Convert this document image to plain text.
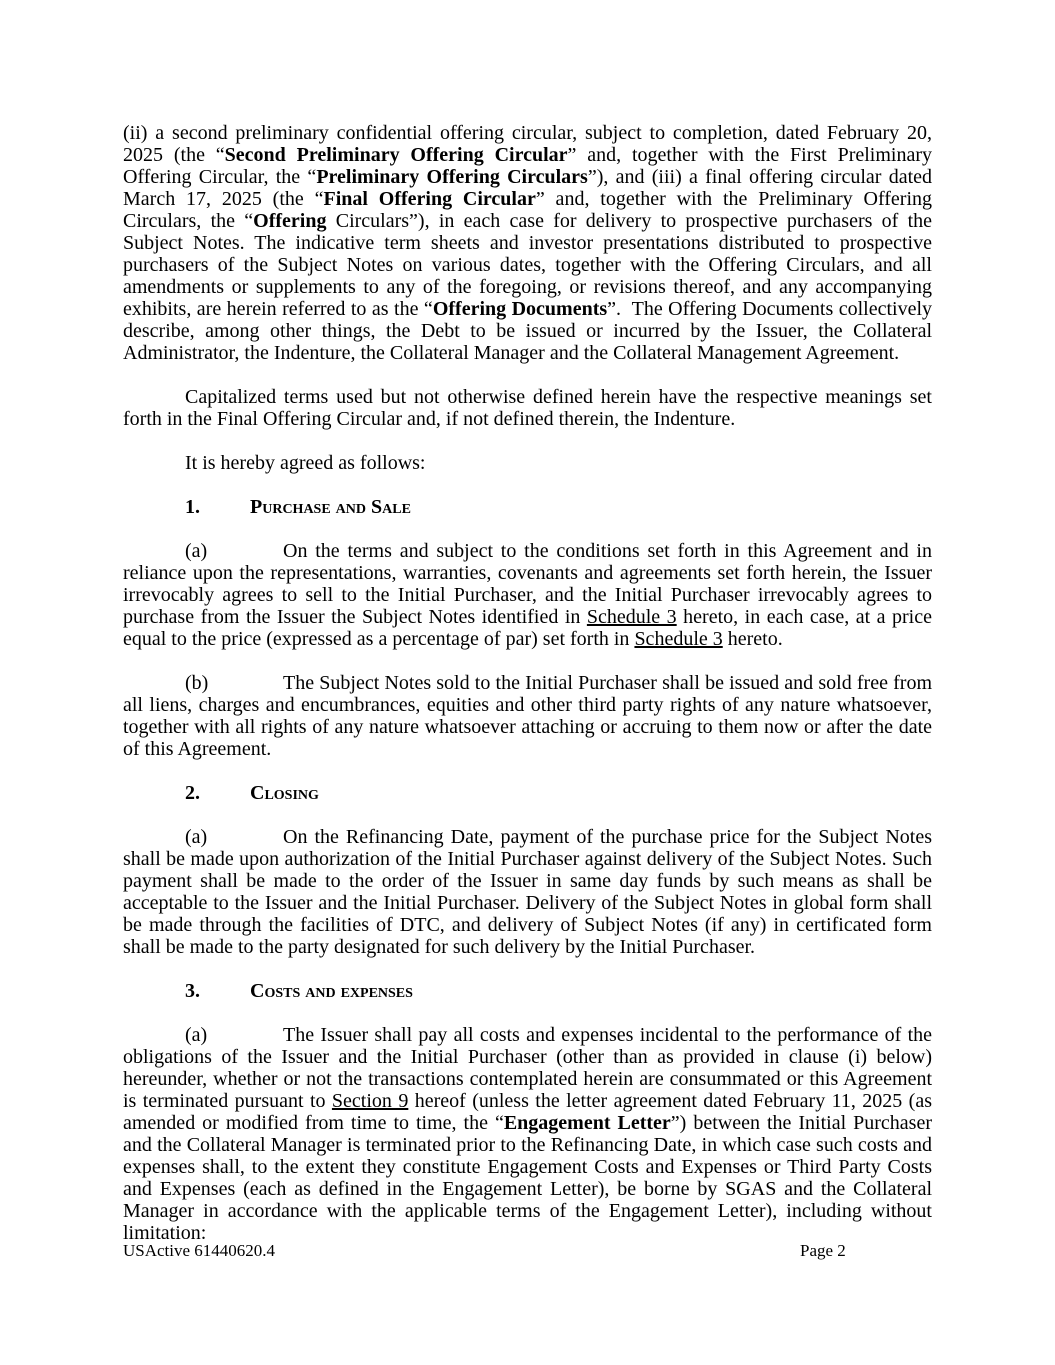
(ii) a second preliminary confidential offering circular, subject to completion, dated February 20, 2025 (the “Second Preliminary Offering Circular” and, together with the First Preliminary Offering Circular, the “Preliminary Offering Circulars”), and (iii) a final offering circular dated March 17, 2025 (the “Final Offering Circular” and, together with the Preliminary Offering Circulars, the “Offering Circulars”), in each case for delivery to prospective purchasers of the Subject Notes. The indicative term sheets and investor presentations distributed to prospective purchasers of the Subject Notes on various dates, together with the Offering Circulars, and all amendments or supplements to any of the foregoing, or revisions thereof, and any accompanying exhibits, are herein referred to as the “Offering Documents”.  The Offering Documents collectively describe, among other things, the Debt to be issued or incurred by the Issuer, the Collateral Administrator, the Indenture, the Collateral Manager and the Collateral Management Agreement.

Capitalized terms used but not otherwise defined herein have the respective meanings set forth in the Final Offering Circular and, if not defined therein, the Indenture.

It is hereby agreed as follows:

1.	Purchase and Sale

(a)	On the terms and subject to the conditions set forth in this Agreement and in reliance upon the representations, warranties, covenants and agreements set forth herein, the Issuer irrevocably agrees to sell to the Initial Purchaser, and the Initial Purchaser irrevocably agrees to purchase from the Issuer the Subject Notes identified in Schedule 3 hereto, in each case, at a price equal to the price (expressed as a percentage of par) set forth in Schedule 3 hereto.

(b)	The Subject Notes sold to the Initial Purchaser shall be issued and sold free from all liens, charges and encumbrances, equities and other third party rights of any nature whatsoever, together with all rights of any nature whatsoever attaching or accruing to them now or after the date of this Agreement.

2.	Closing

(a)	On the Refinancing Date, payment of the purchase price for the Subject Notes shall be made upon authorization of the Initial Purchaser against delivery of the Subject Notes. Such payment shall be made to the order of the Issuer in same day funds by such means as shall be acceptable to the Issuer and the Initial Purchaser. Delivery of the Subject Notes in global form shall be made through the facilities of DTC, and delivery of Subject Notes (if any) in certificated form shall be made to the party designated for such delivery by the Initial Purchaser.

3.	Costs and expenses

(a)	The Issuer shall pay all costs and expenses incidental to the performance of the obligations of the Issuer and the Initial Purchaser (other than as provided in clause (i) below) hereunder, whether or not the transactions contemplated herein are consummated or this Agreement is terminated pursuant to Section 9 hereof (unless the letter agreement dated February 11, 2025 (as amended or modified from time to time, the “Engagement Letter”) between the Initial Purchaser and the Collateral Manager is terminated prior to the Refinancing Date, in which case such costs and expenses shall, to the extent they constitute Engagement Costs and Expenses or Third Party Costs and Expenses (each as defined in the Engagement Letter), be borne by SGAS and the Collateral Manager in accordance with the applicable terms of the Engagement Letter), including without limitation:

USActive 61440620.4	Page 2
